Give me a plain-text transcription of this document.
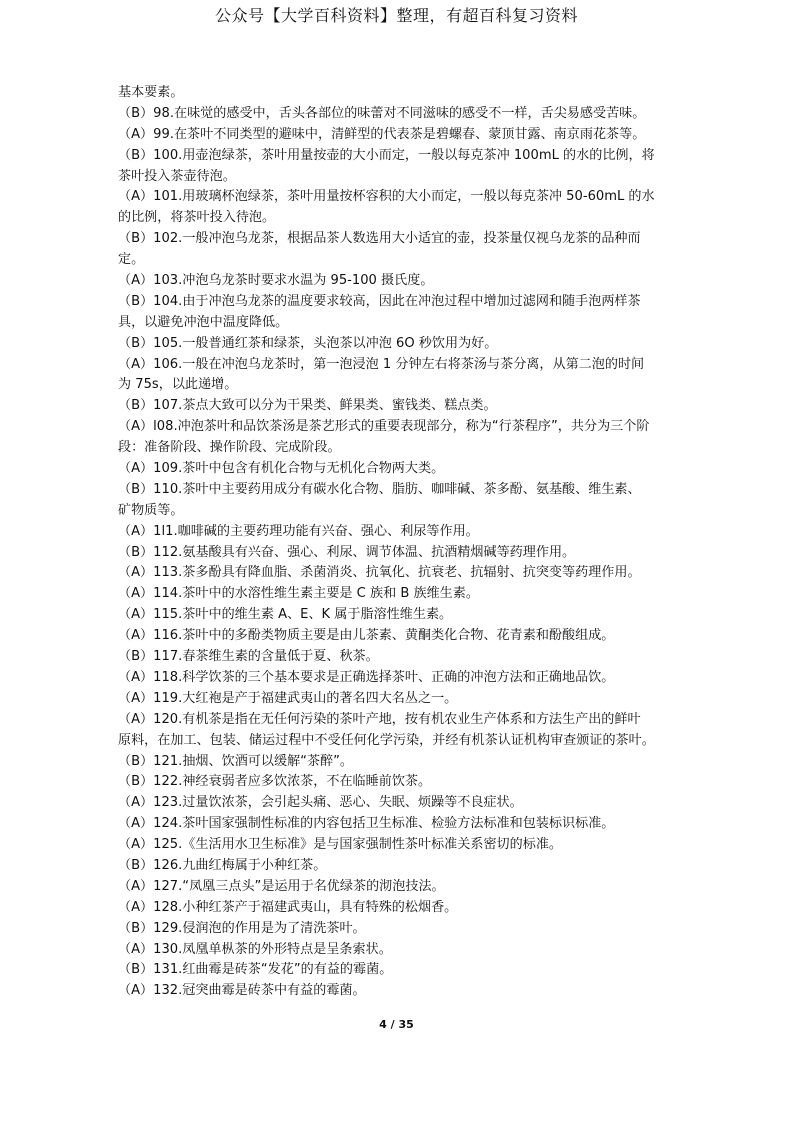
公众号【大学百科资料】整理，有超百科复习资料
基本要素。
（B）98.在味觉的感受中，舌头各部位的味蕾对不同滋味的感受不一样，舌尖易感受苦味。
（A）99.在茶叶不同类型的避味中，清鲜型的代表茶是碧螺春、蒙顶甘露、南京雨花茶等。
（B）100.用壶泡绿茶，茶叶用量按壶的大小而定，一般以每克茶冲 100mL 的水的比例，将
茶叶投入茶壶待泡。
（A）101.用玻璃杯泡绿茶，茶叶用量按杯容积的大小而定，一般以每克茶冲 50-60mL 的水
的比例，将茶叶投入待泡。
（B）102.一般冲泡乌龙茶，根据品茶人数选用大小适宜的壶，投茶量仅视乌龙茶的品种而
定。
（A）103.冲泡乌龙茶时要求水温为 95-100 摄氏度。
（B）104.由于冲泡乌龙茶的温度要求较高，因此在冲泡过程中增加过滤网和随手泡两样茶
具，以避免冲泡中温度降低。
（B）105.一般普通红茶和绿茶，头泡茶以冲泡 6O 秒饮用为好。
（A）106.一般在冲泡乌龙茶时，第一泡浸泡 1 分钟左右将茶汤与茶分离，从第二泡的时间
为 75s，以此递增。
（B）107.茶点大致可以分为干果类、鲜果类、蜜钱类、糕点类。
（A）l08.冲泡茶叶和品饮茶汤是茶艺形式的重要表现部分，称为“行茶程序”，共分为三个阶
段：准备阶段、操作阶段、完成阶段。
（A）109.茶叶中包含有机化合物与无机化合物两大类。
（B）110.茶叶中主要药用成分有碳水化合物、脂肪、咖啡碱、茶多酚、氨基酸、维生素、
矿物质等。
（A）1l1.咖啡碱的主要药理功能有兴奋、强心、利尿等作用。
（B）112.氨基酸具有兴奋、强心、利尿、调节体温、抗酒精烟碱等药理作用。
（A）113.茶多酚具有降血脂、杀菌消炎、抗氧化、抗衰老、抗辐射、抗突变等药理作用。
（A）114.茶叶中的水溶性维生素主要是 C 族和 B 族维生素。
（A）115.茶叶中的维生素 A、E、K 属于脂溶性维生素。
（A）116.茶叶中的多酚类物质主要是由儿茶素、黄酮类化合物、花青素和酚酸组成。
（B）117.春茶维生素的含量低于夏、秋茶。
（A）118.科学饮茶的三个基本要求是正确选择茶叶、正确的冲泡方法和正确地品饮。
（A）119.大红袍是产于福建武夷山的著名四大名丛之一。
（A）120.有机茶是指在无任何污染的茶叶产地，按有机农业生产体系和方法生产出的鲜叶
原料，在加工、包装、储运过程中不受任何化学污染，并经有机茶认证机构审查颁证的茶叶。
（B）121.抽烟、饮酒可以缓解“茶醉”。
（B）122.神经衰弱者应多饮浓茶，不在临睡前饮茶。
（A）123.过量饮浓茶，会引起头痛、恶心、失眠、烦躁等不良症状。
（A）124.茶叶国家强制性标准的内容包括卫生标准、检验方法标准和包装标识标准。
（A）125.《生活用水卫生标准》是与国家强制性茶叶标准关系密切的标准。
（B）126.九曲红梅属于小种红茶。
（A）127.“凤凰三点头”是运用于名优绿茶的沏泡技法。
（A）128.小种红茶产于福建武夷山，具有特殊的松烟香。
（B）129.侵润泡的作用是为了清洗茶叶。
（A）130.凤凰单枞茶的外形特点是呈条索状。
（B）131.红曲霉是砖茶“发花”的有益的霉菌。
（A）132.冠突曲霉是砖茶中有益的霉菌。
4 / 35
